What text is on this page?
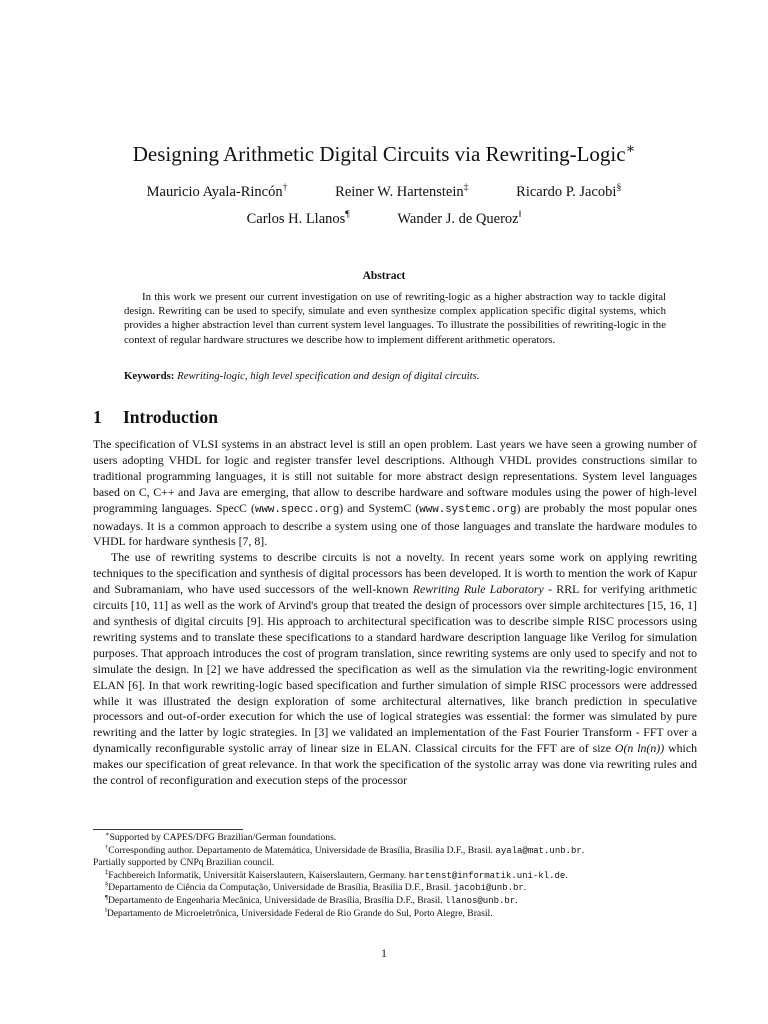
Designing Arithmetic Digital Circuits via Rewriting-Logic∗
Mauricio Ayala-Rincón†	Reiner W. Hartenstein‡	Ricardo P. Jacobi§
Carlos H. Llanos¶	Wander J. de Queroz‖
Abstract

In this work we present our current investigation on use of rewriting-logic as a higher abstraction way to tackle digital design. Rewriting can be used to specify, simulate and even synthesize complex application specific digital systems, which provides a higher abstraction level than current system level languages. To illustrate the possibilities of rewriting-logic in the context of regular hardware structures we describe how to implement different arithmetic operators.

Keywords: Rewriting-logic, high level specification and design of digital circuits.

1 Introduction

The specification of VLSI systems in an abstract level is still an open problem. Last years we have seen a growing number of users adopting VHDL for logic and register transfer level descriptions. Although VHDL provides constructions similar to traditional programming languages, it is still not suitable for more abstract design representations. System level languages based on C, C++ and Java are emerging, that allow to describe hardware and software modules using the power of high-level programming languages. SpecC (www.specc.org) and SystemC (www.systemc.org) are probably the most popular ones nowadays. It is a common approach to describe a system using one of those languages and translate the hardware modules to VHDL for hardware synthesis [7, 8].

The use of rewriting systems to describe circuits is not a novelty. In recent years some work on applying rewriting techniques to the specification and synthesis of digital processors has been developed. It is worth to mention the work of Kapur and Subramaniam, who have used successors of the well-known Rewriting Rule Laboratory - RRL for verifying arithmetic circuits [10, 11] as well as the work of Arvind's group that treated the design of processors over simple architectures [15, 16, 1] and synthesis of digital circuits [9]. His approach to architectural specification was to describe simple RISC processors using rewriting systems and to translate these specifications to a standard hardware description language like Verilog for simulation purposes. That approach introduces the cost of program translation, since rewriting systems are only used to specify and not to simulate the design. In [2] we have addressed the specification as well as the simulation via the rewriting-logic environment ELAN [6]. In that work rewriting-logic based specification and further simulation of simple RISC processors were addressed while it was illustrated the design exploration of some architectural alternatives, like branch prediction in speculative processors and out-of-order execution for which the use of logical strategies was essential: the former was simulated by pure rewriting and the latter by logic strategies. In [3] we validated an implementation of the Fast Fourier Transform - FFT over a dynamically reconfigurable systolic array of linear size in ELAN. Classical circuits for the FFT are of size O(n ln(n)) which makes our specification of great relevance. In that work the specification of the systolic array was done via rewriting rules and the control of reconfiguration and execution steps of the processor

∗Supported by CAPES/DFG Brazilian/German foundations.

†Corresponding author. Departamento de Matemática, Universidade de Brasília, Brasília D.F., Brasil. ayala@mat.unb.br.

Partially supported by CNPq Brazilian council.

‡Fachbereich Informatik, Universität Kaiserslautern, Kaiserslautern, Germany. hartenst@informatik.uni-kl.de.

§Departamento de Ciência da Computação, Universidade de Brasília, Brasília D.F., Brasil. jacobi@unb.br.

¶Departamento de Engenharia Mecânica, Universidade de Brasília, Brasília D.F., Brasil. llanos@unb.br.

‖Departamento de Microeletrônica, Universidade Federal de Rio Grande do Sul, Porto Alegre, Brasil.

1
